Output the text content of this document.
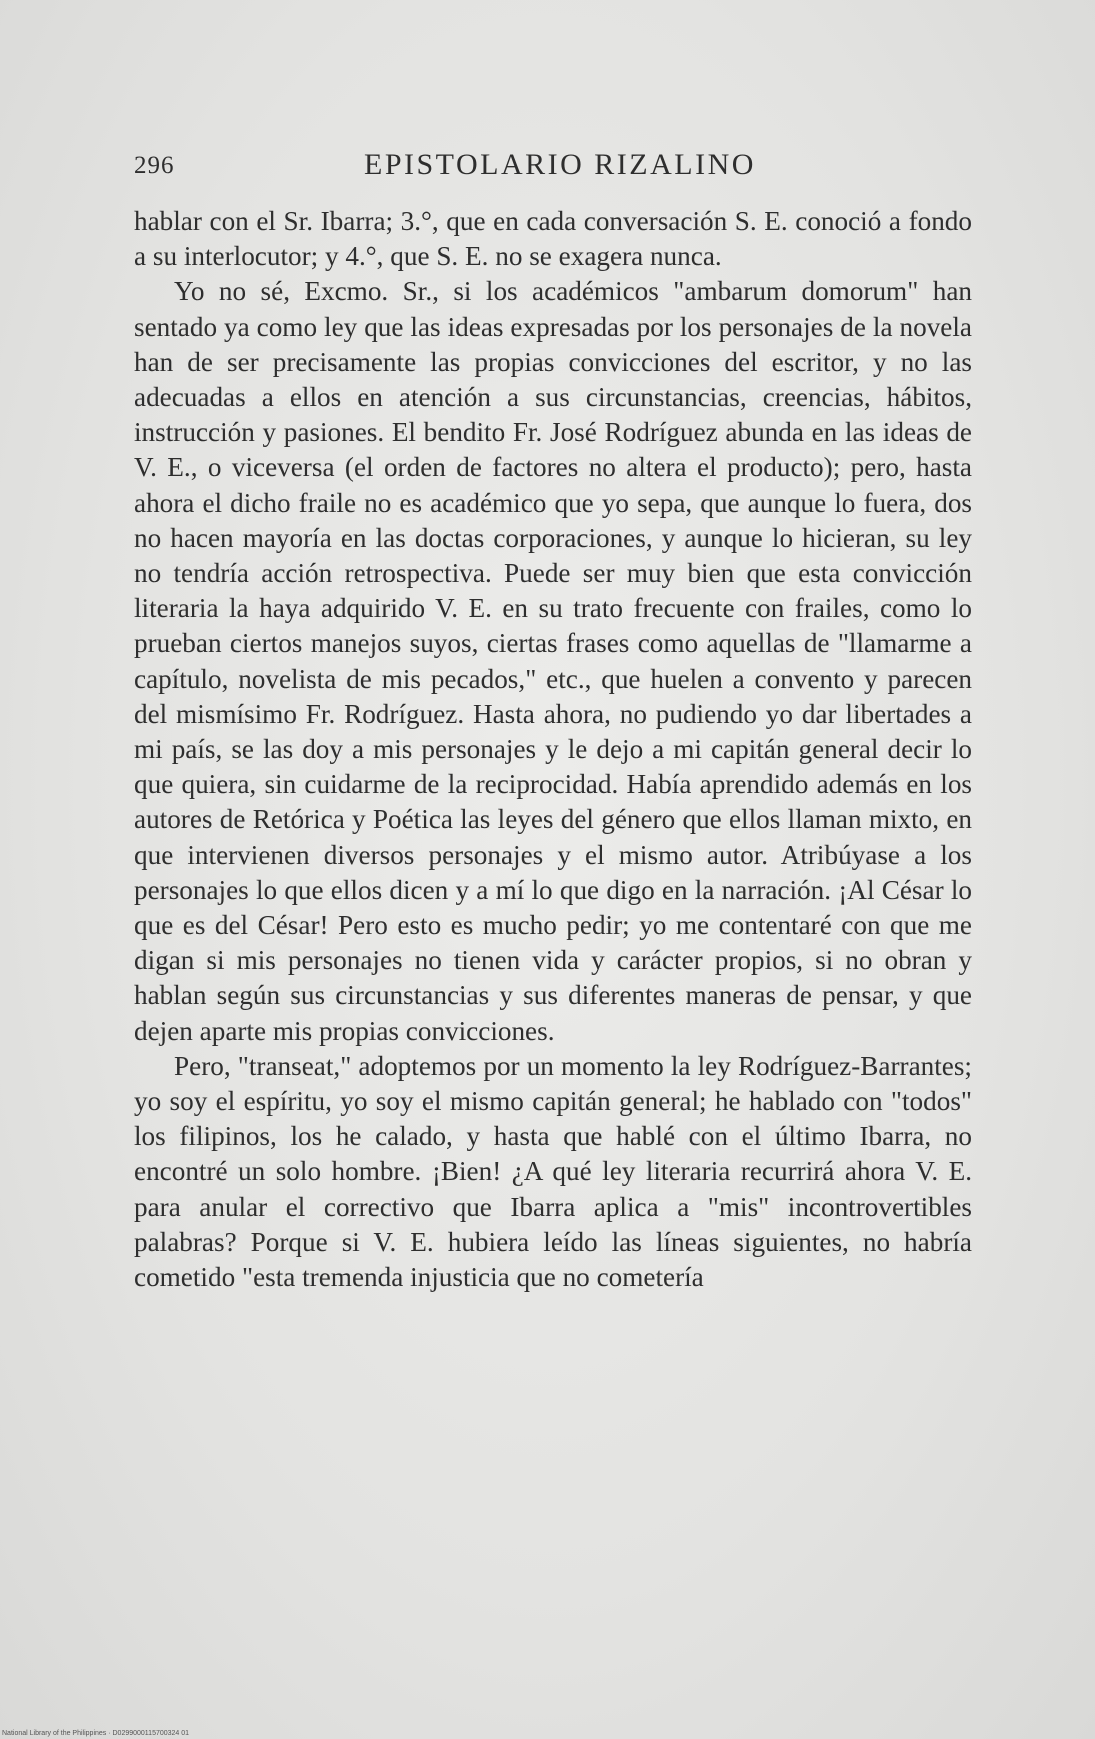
296	EPISTOLARIO RIZALINO

hablar con el Sr. Ibarra; 3.°, que en cada conversación S. E. conoció a fondo a su interlocutor; y 4.°, que S. E. no se exagera nunca.

Yo no sé, Excmo. Sr., si los académicos "ambarum domorum" han sentado ya como ley que las ideas expresadas por los personajes de la novela han de ser precisamente las propias convicciones del escritor, y no las adecuadas a ellos en atención a sus circunstancias, creencias, hábitos, instrucción y pasiones. El bendito Fr. José Rodríguez abunda en las ideas de V. E., o viceversa (el orden de factores no altera el producto); pero, hasta ahora el dicho fraile no es académico que yo sepa, que aunque lo fuera, dos no hacen mayoría en las doctas corporaciones, y aunque lo hicieran, su ley no tendría acción retrospectiva. Puede ser muy bien que esta convicción literaria la haya adquirido V. E. en su trato frecuente con frailes, como lo prueban ciertos manejos suyos, ciertas frases como aquellas de "llamarme a capítulo, novelista de mis pecados," etc., que huelen a convento y parecen del mismísimo Fr. Rodríguez. Hasta ahora, no pudiendo yo dar libertades a mi país, se las doy a mis personajes y le dejo a mi capitán general decir lo que quiera, sin cuidarme de la reciprocidad. Había aprendido además en los autores de Retórica y Poética las leyes del género que ellos llaman mixto, en que intervienen diversos personajes y el mismo autor. Atribúyase a los personajes lo que ellos dicen y a mí lo que digo en la narración. ¡Al César lo que es del César! Pero esto es mucho pedir; yo me contentaré con que me digan si mis personajes no tienen vida y carácter propios, si no obran y hablan según sus circunstancias y sus diferentes maneras de pensar, y que dejen aparte mis propias convicciones.

Pero, "transeat," adoptemos por un momento la ley Rodríguez-Barrantes; yo soy el espíritu, yo soy el mismo capitán general; he hablado con "todos" los filipinos, los he calado, y hasta que hablé con el último Ibarra, no encontré un solo hombre. ¡Bien! ¿A qué ley literaria recurrirá ahora V. E. para anular el correctivo que Ibarra aplica a "mis" incontrovertibles palabras? Porque si V. E. hubiera leído las líneas siguientes, no habría cometido "esta tremenda injusticia que no cometería

National Library of the Philippines · D0299000115700324 01
